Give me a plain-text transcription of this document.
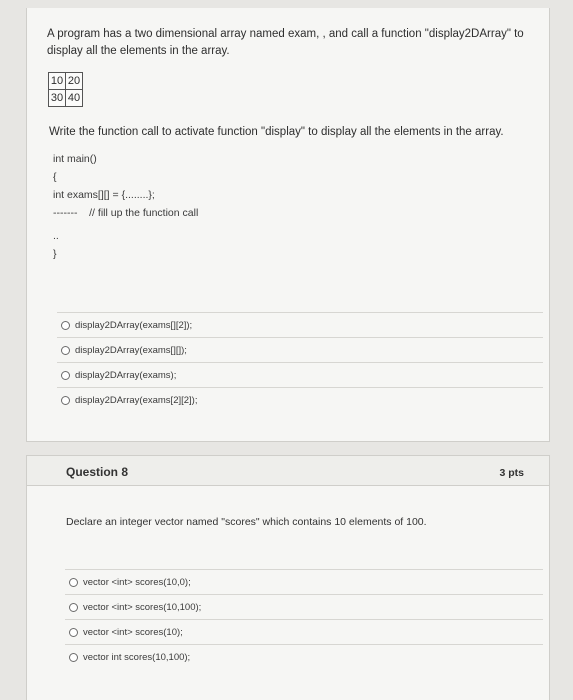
A program has a two dimensional array named exam, , and call a function "display2DArray" to display all the elements in the array.

10	20
30	40

Write the function call to activate function "display" to display all the elements in the array.

int main()
{
int exams[][] = {........};
-------    // fill up the function call
..
}
display2DArray(exams[][2]);
display2DArray(exams[][]);
display2DArray(exams);
display2DArray(exams[2][2]);
Question 8	3 pts

Declare an integer vector named "scores" which contains 10 elements of 100.

vector <int> scores(10,0);
vector <int> scores(10,100);
vector <int> scores(10);
vector int scores(10,100);
